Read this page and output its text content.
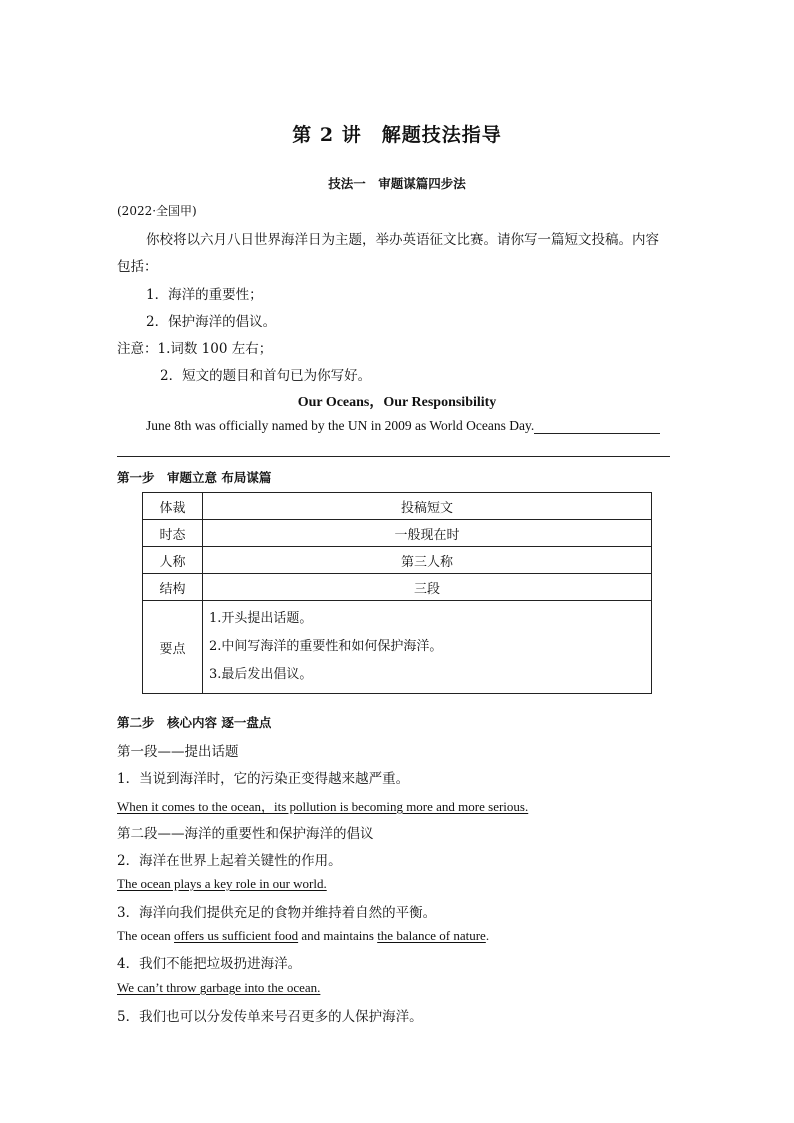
第 2 讲　解题技法指导
技法一　审题谋篇四步法
(2022·全国甲)
你校将以六月八日世界海洋日为主题，举办英语征文比赛。请你写一篇短文投稿。内容
包括：
1．海洋的重要性；
2．保护海洋的倡议。
注意：1.词数 100 左右；
2．短文的题目和首句已为你写好。
Our Oceans，Our Responsibility
June 8th was officially named by the UN in 2009 as World Oceans Day.
第一步　审题立意 布局谋篇
体裁	投稿短文
时态	一般现在时
人称	第三人称
结构	三段
要点	1.开头提出话题。
2.中间写海洋的重要性和如何保护海洋。
3.最后发出倡议。
第二步　核心内容 逐一盘点
第一段——提出话题
1．当说到海洋时，它的污染正变得越来越严重。
When it comes to the ocean，its pollution is becoming more and more serious.
第二段——海洋的重要性和保护海洋的倡议
2．海洋在世界上起着关键性的作用。
The ocean plays a key role in our world.
3．海洋向我们提供充足的食物并维持着自然的平衡。
The ocean offers us sufficient food and maintains the balance of nature.
4．我们不能把垃圾扔进海洋。
We can’t throw garbage into the ocean.
5．我们也可以分发传单来号召更多的人保护海洋。
